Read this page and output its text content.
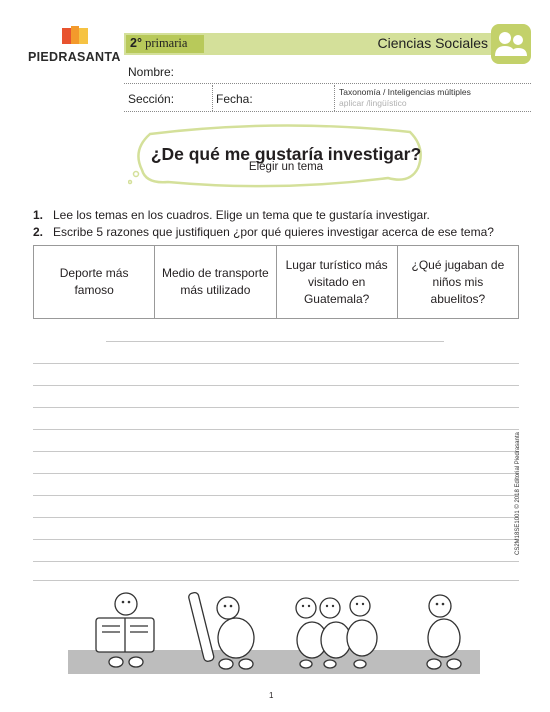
PIEDRASANTA
2° primaria	Ciencias Sociales
Nombre:
Sección:	Fecha:	Taxonomía / Inteligencias múltiples
aplicar /lingüístico
¿De qué me gustaría investigar?
Elegir un tema
1. Lee los temas en los cuadros. Elige un tema que te gustaría investigar.
2. Escribe 5 razones que justifiquen ¿por qué quieres investigar acerca de ese tema?
Deporte más famoso
Medio de transporte más utilizado
Lugar turístico más visitado en Guatemala?
¿Qué jugaban de niños mis abuelitos?
CS2M18SE1001 © 2018 Editorial Piedrasanta
1
